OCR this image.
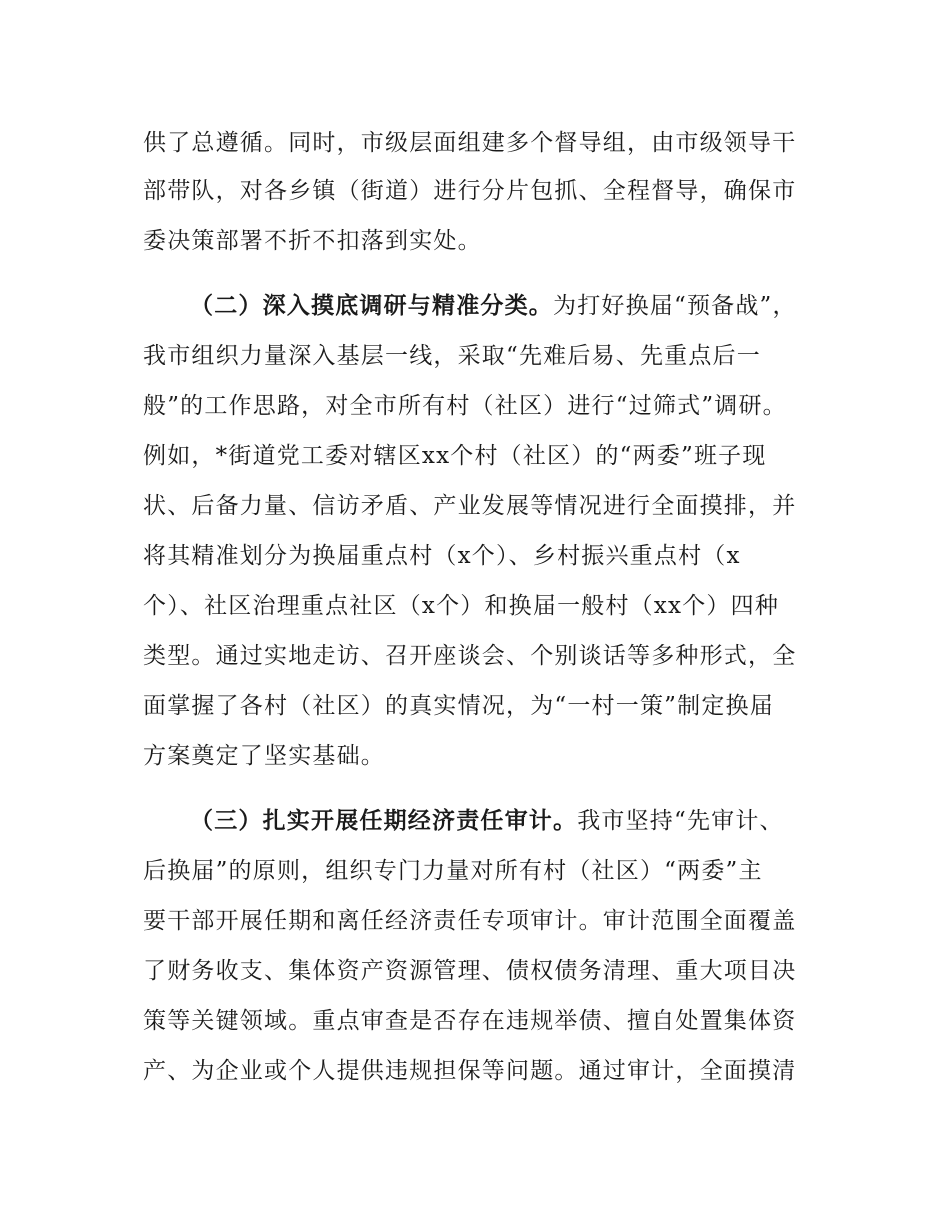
供了总遵循。同时，市级层面组建多个督导组，由市级领导干
部带队，对各乡镇（街道）进行分片包抓、全程督导，确保市
委决策部署不折不扣落到实处。
（二）深入摸底调研与精准分类。为打好换届“预备战”，
我市组织力量深入基层一线，采取“先难后易、先重点后一
般”的工作思路，对全市所有村（社区）进行“过筛式”调研。
例如，*街道党工委对辖区xx个村（社区）的“两委”班子现
状、后备力量、信访矛盾、产业发展等情况进行全面摸排，并
将其精准划分为换届重点村（x个）、乡村振兴重点村（x
个）、社区治理重点社区（x个）和换届一般村（xx个）四种
类型。通过实地走访、召开座谈会、个别谈话等多种形式，全
面掌握了各村（社区）的真实情况，为“一村一策”制定换届
方案奠定了坚实基础。
（三）扎实开展任期经济责任审计。我市坚持“先审计、
后换届”的原则，组织专门力量对所有村（社区）“两委”主
要干部开展任期和离任经济责任专项审计。审计范围全面覆盖
了财务收支、集体资产资源管理、债权债务清理、重大项目决
策等关键领域。重点审查是否存在违规举债、擅自处置集体资
产、为企业或个人提供违规担保等问题。通过审计，全面摸清
